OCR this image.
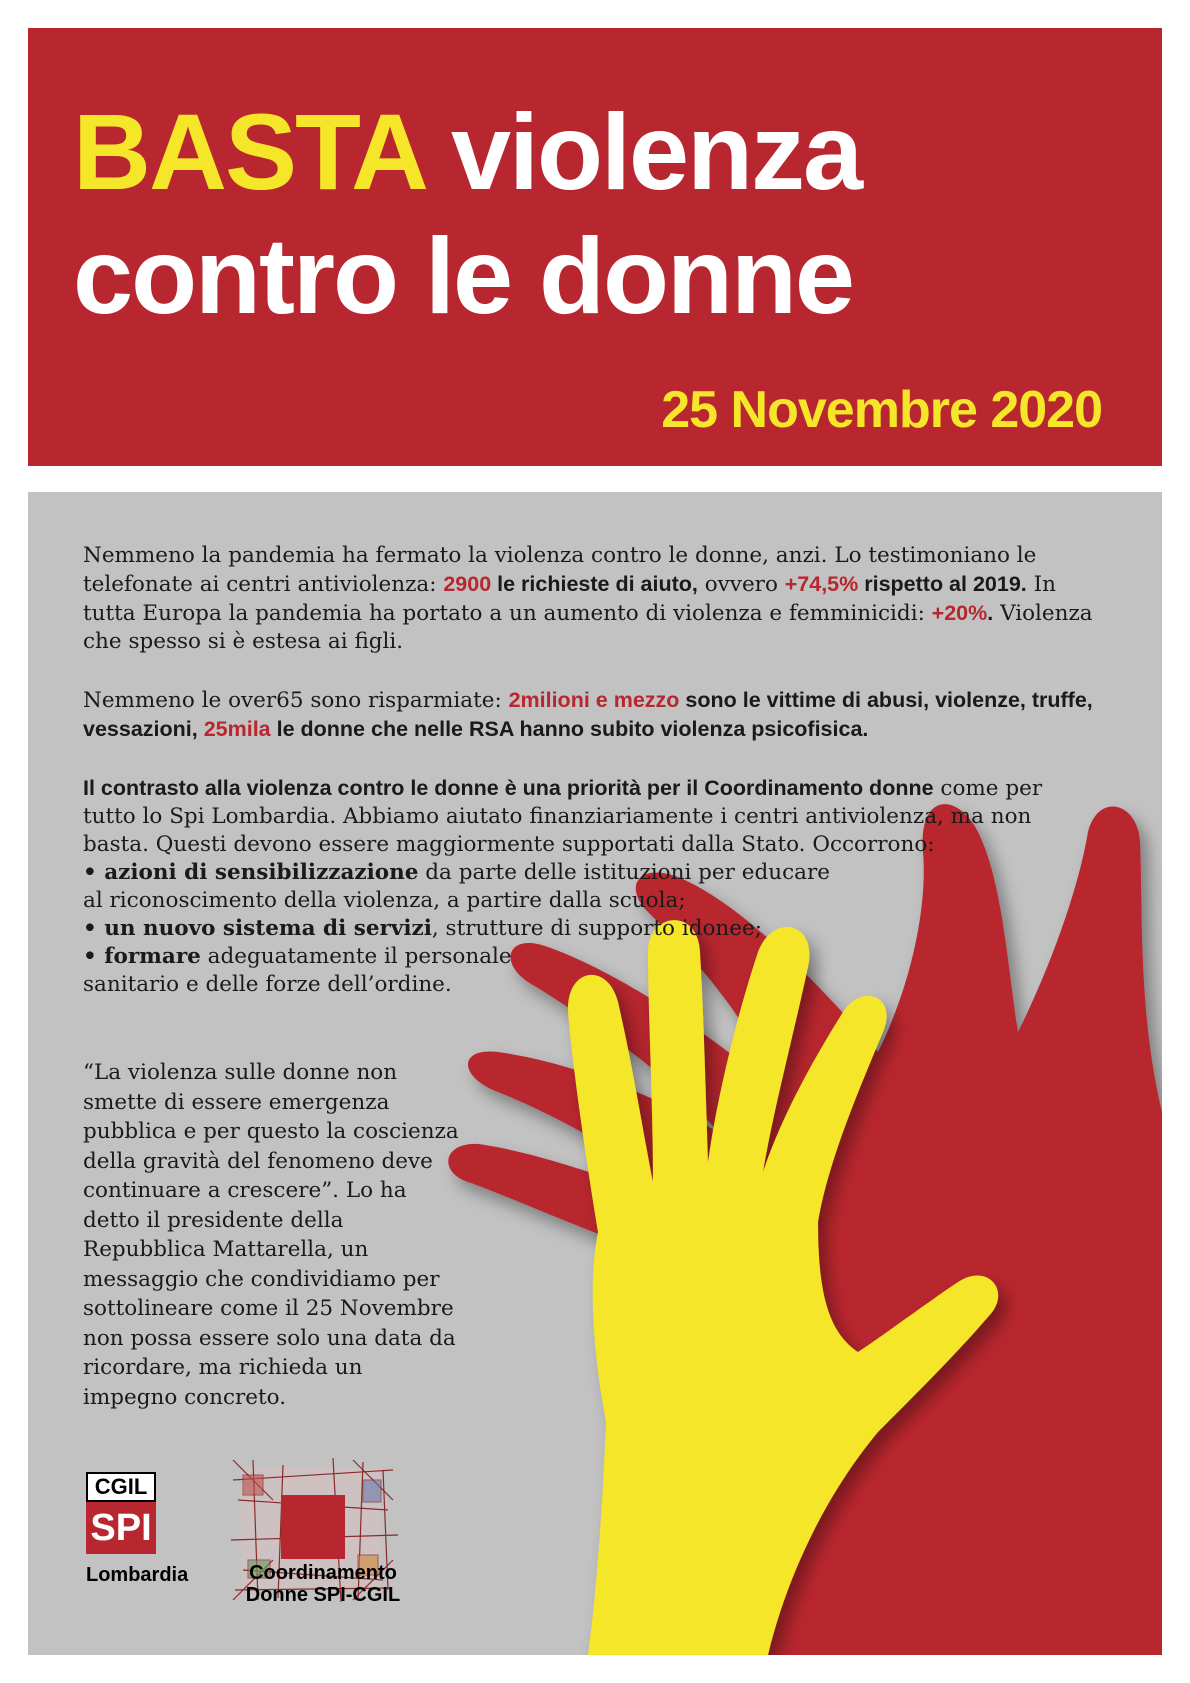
BASTA violenza
contro le donne
25 Novembre 2020

Nemmeno la pandemia ha fermato la violenza contro le donne, anzi. Lo testimoniano le telefonate ai centri antiviolenza: 2900 le richieste di aiuto, ovvero +74,5% rispetto al 2019. In tutta Europa la pandemia ha portato a un aumento di violenza e femminicidi: +20%. Violenza che spesso si è estesa ai figli.

Nemmeno le over65 sono risparmiate: 2milioni e mezzo sono le vittime di abusi, violenze, truffe, vessazioni, 25mila le donne che nelle RSA hanno subito violenza psicofisica.

Il contrasto alla violenza contro le donne è una priorità per il Coordinamento donne come per tutto lo Spi Lombardia. Abbiamo aiutato finanziariamente i centri antiviolenza, ma non basta. Questi devono essere maggiormente supportati dalla Stato. Occorrono:

• azioni di sensibilizzazione da parte delle istituzioni per educare
al riconoscimento della violenza, a partire dalla scuola;
• un nuovo sistema di servizi, strutture di supporto idonee;
• formare adeguatamente il personale
sanitario e delle forze dell’ordine.

“La violenza sulle donne non smette di essere emergenza pubblica e per questo la coscienza della gravità del fenomeno deve continuare a crescere”. Lo ha detto il presidente della Repubblica Mattarella, un messaggio che condividiamo per sottolineare come il 25 Novembre non possa essere solo una data da ricordare, ma richieda un impegno concreto.

CGIL
SPI
Lombardia	Coordinamento
Donne SPI-CGIL
